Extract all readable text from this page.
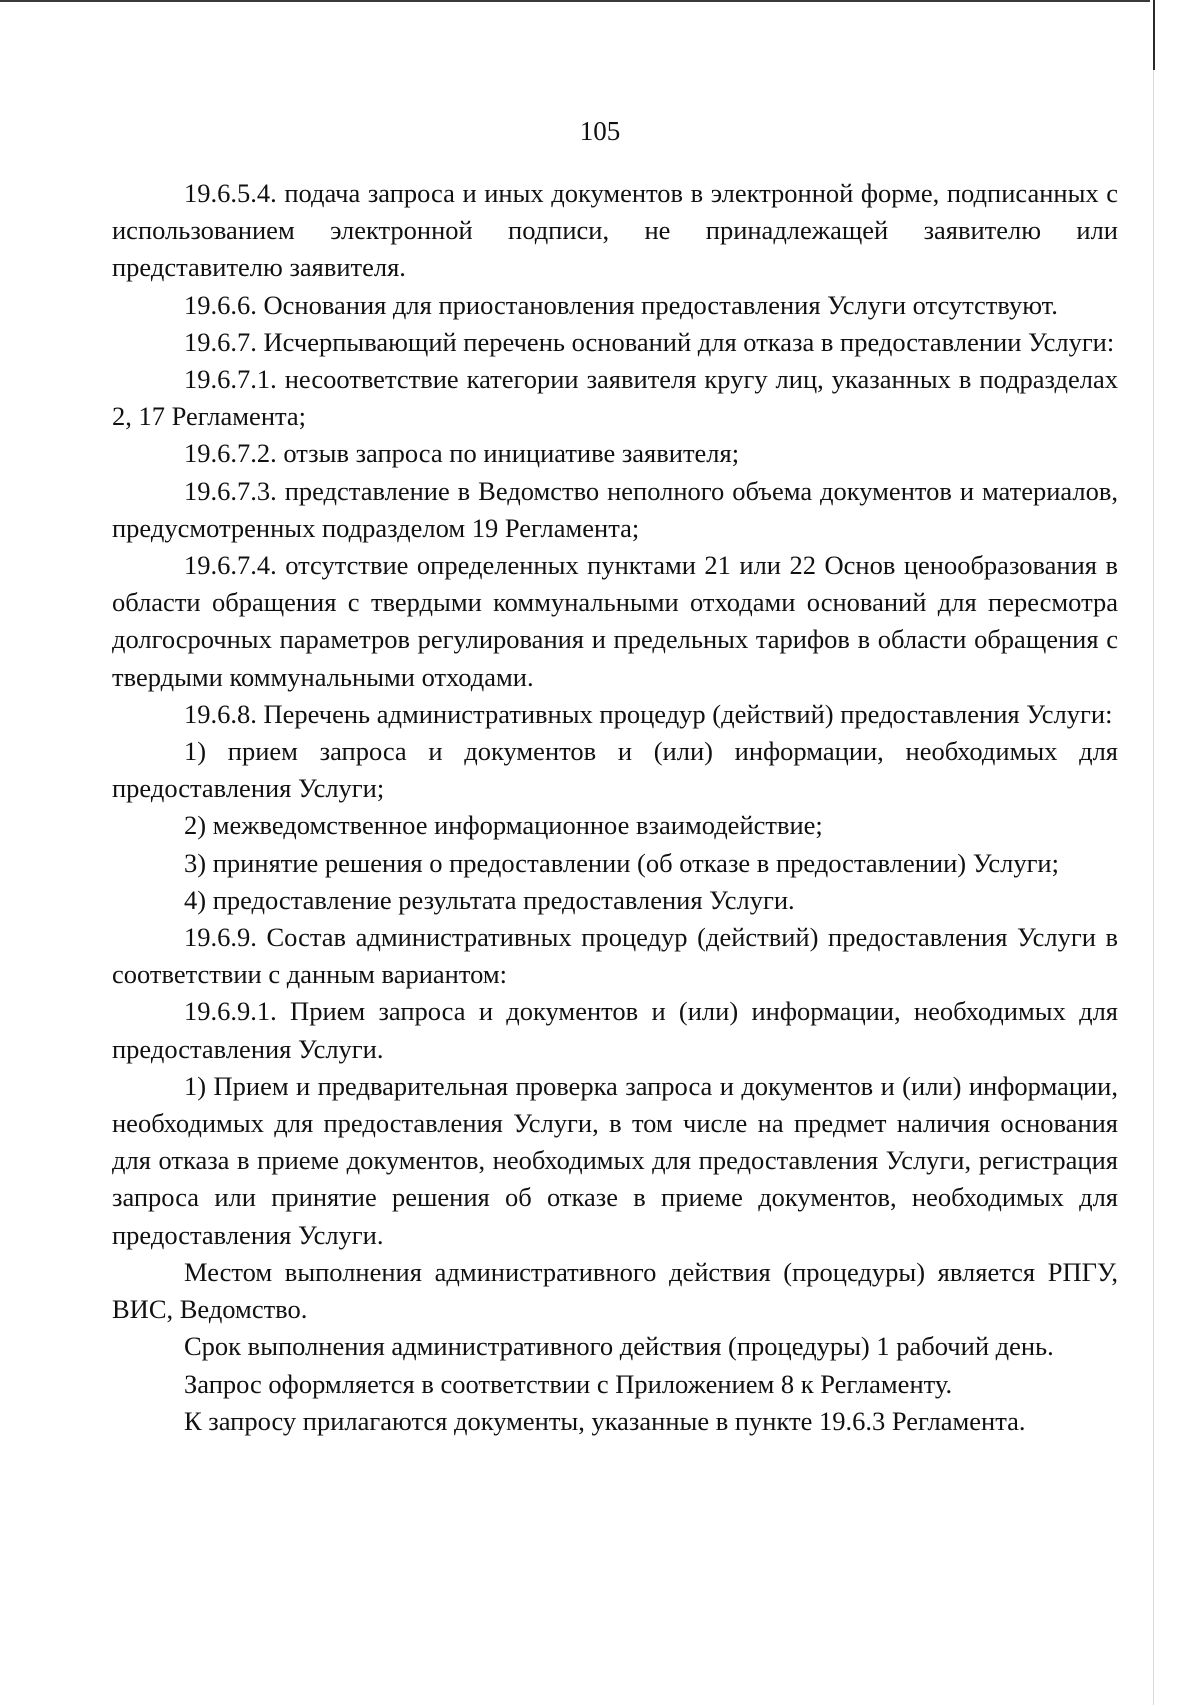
105

19.6.5.4. подача запроса и иных документов в электронной форме, подписанных с использованием электронной подписи, не принадлежащей заявителю или представителю заявителя.

19.6.6. Основания для приостановления предоставления Услуги отсутствуют.

19.6.7. Исчерпывающий перечень оснований для отказа в предоставлении Услуги:

19.6.7.1. несоответствие категории заявителя кругу лиц, указанных в подразделах 2, 17 Регламента;

19.6.7.2. отзыв запроса по инициативе заявителя;

19.6.7.3. представление в Ведомство неполного объема документов и материалов, предусмотренных подразделом 19 Регламента;

19.6.7.4. отсутствие определенных пунктами 21 или 22 Основ ценообразования в области обращения с твердыми коммунальными отходами оснований для пересмотра долгосрочных параметров регулирования и предельных тарифов в области обращения с твердыми коммунальными отходами.

19.6.8. Перечень административных процедур (действий) предоставления Услуги:

1) прием запроса и документов и (или) информации, необходимых для предоставления Услуги;

2) межведомственное информационное взаимодействие;

3) принятие решения о предоставлении (об отказе в предоставлении) Услуги;

4) предоставление результата предоставления Услуги.

19.6.9. Состав административных процедур (действий) предоставления Услуги в соответствии с данным вариантом:

19.6.9.1. Прием запроса и документов и (или) информации, необходимых для предоставления Услуги.

1) Прием и предварительная проверка запроса и документов и (или) информации, необходимых для предоставления Услуги, в том числе на предмет наличия основания для отказа в приеме документов, необходимых для предоставления Услуги, регистрация запроса или принятие решения об отказе в приеме документов, необходимых для предоставления Услуги.

Местом выполнения административного действия (процедуры) является РПГУ, ВИС, Ведомство.

Срок выполнения административного действия (процедуры) 1 рабочий день.

Запрос оформляется в соответствии с Приложением 8 к Регламенту.

К запросу прилагаются документы, указанные в пункте 19.6.3 Регламента.
